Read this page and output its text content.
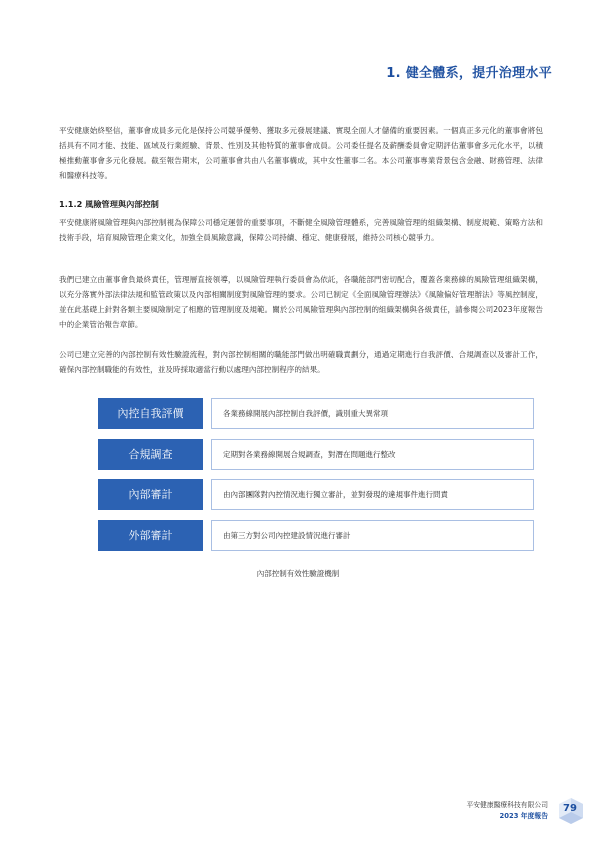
1. 健全體系，提升治理水平

平安健康始終堅信，董事會成員多元化是保持公司競爭優勢、獲取多元發展建議、實現全面人才儲備的重要因素。一個真正多元化的董事會將包括具有不同才能、技能、區域及行業經驗、背景、性別及其他特質的董事會成員。公司委任提名及薪酬委員會定期評估董事會多元化水平，以積極推動董事會多元化發展。截至報告期末，公司董事會共由八名董事構成，其中女性董事二名。本公司董事專業背景包含金融、財務管理、法律和醫療科技等。

1.1.2 風險管理與內部控制

平安健康將風險管理與內部控制視為保障公司穩定運營的重要事項，不斷健全風險管理體系，完善風險管理的組織架構、制度規範、策略方法和技術手段，培育風險管理企業文化，加強全員風險意識，保障公司持續、穩定、健康發展，維持公司核心競爭力。

我們已建立由董事會負最終責任，管理層直接領導，以風險管理執行委員會為依託，各職能部門密切配合，覆蓋各業務線的風險管理組織架構，以充分落實外部法律法規和監管政策以及內部相關制度對風險管理的要求。公司已制定《全面風險管理辦法》《風險偏好管理辦法》等風控制度，並在此基礎上針對各類主要風險制定了相應的管理制度及規範。關於公司風險管理與內部控制的組織架構與各級責任，請參閱公司2023年度報告中的企業管治報告章節。

公司已建立完善的內部控制有效性驗證流程，對內部控制相關的職能部門做出明確職責劃分，通過定期進行自我評價、合規調查以及審計工作，確保內部控制職能的有效性，並及時採取適當行動以處理內部控制程序的結果。

內控自我評價	各業務線開展內部控制自我評價，識別重大異常項
合規調查	定期對各業務線開展合規調查，對潛在問題進行整改
內部審計	由內部團隊對內控情況進行獨立審計，並對發現的違規事件進行問責
外部審計	由第三方對公司內控建設情況進行審計
內部控制有效性驗證機制
平安健康醫療科技有限公司
2023 年度報告
79
